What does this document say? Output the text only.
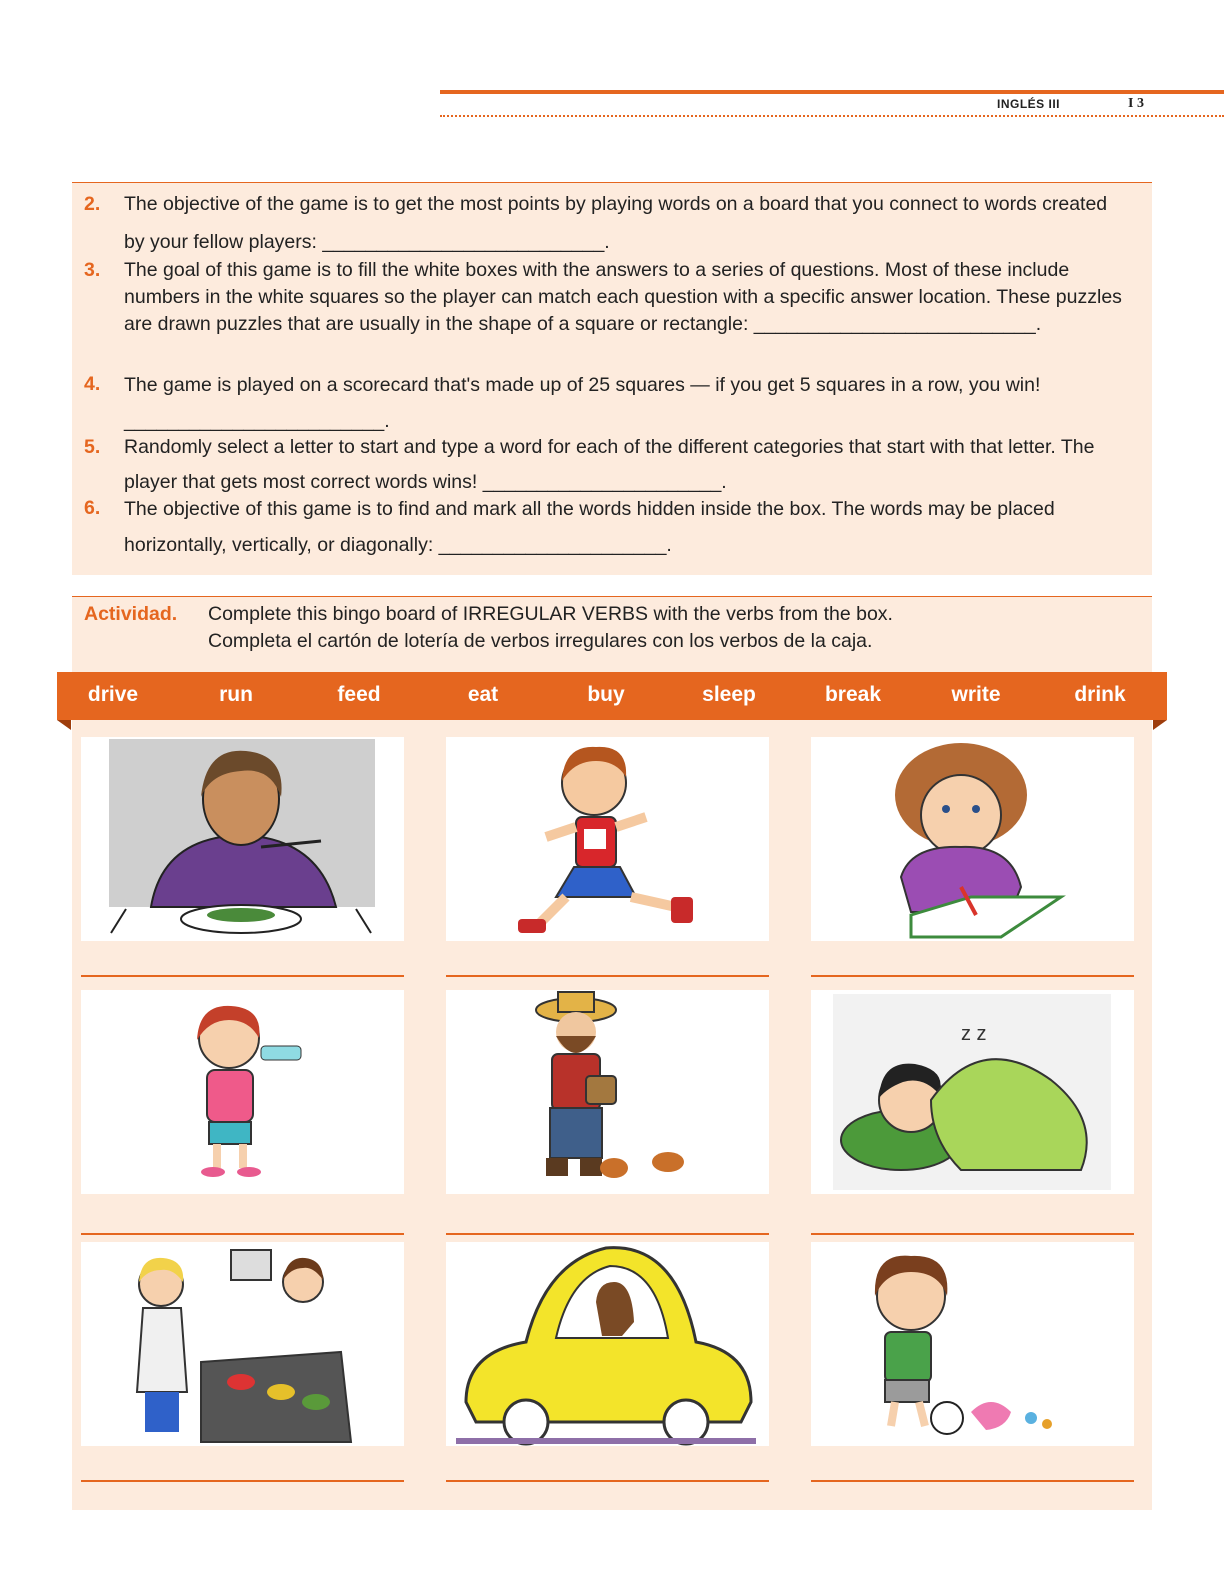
INGLÉS III	I 3
2. The objective of the game is to get the most points by playing words on a board that you connect to words created by your fellow players: __________________________.
3. The goal of this game is to fill the white boxes with the answers to a series of questions. Most of these include numbers in the white squares so the player can match each question with a specific answer location. These puzzles are drawn puzzles that are usually in the shape of a square or rectangle: __________________________.
4. The game is played on a scorecard that's made up of 25 squares — if you get 5 squares in a row, you win! ________________________.
5. Randomly select a letter to start and type a word for each of the different categories that start with that letter. The player that gets most correct words wins! ______________________.
6. The objective of this game is to find and mark all the words hidden inside the box. The words may be placed horizontally, vertically, or diagonally: _____________________.
Actividad. Complete this bingo board of IRREGULAR VERBS with the verbs from the box.
Completa el cartón de lotería de verbos irregulares con los verbos de la caja.
drive	run	feed	eat	buy	sleep	break	write	drink
z z
